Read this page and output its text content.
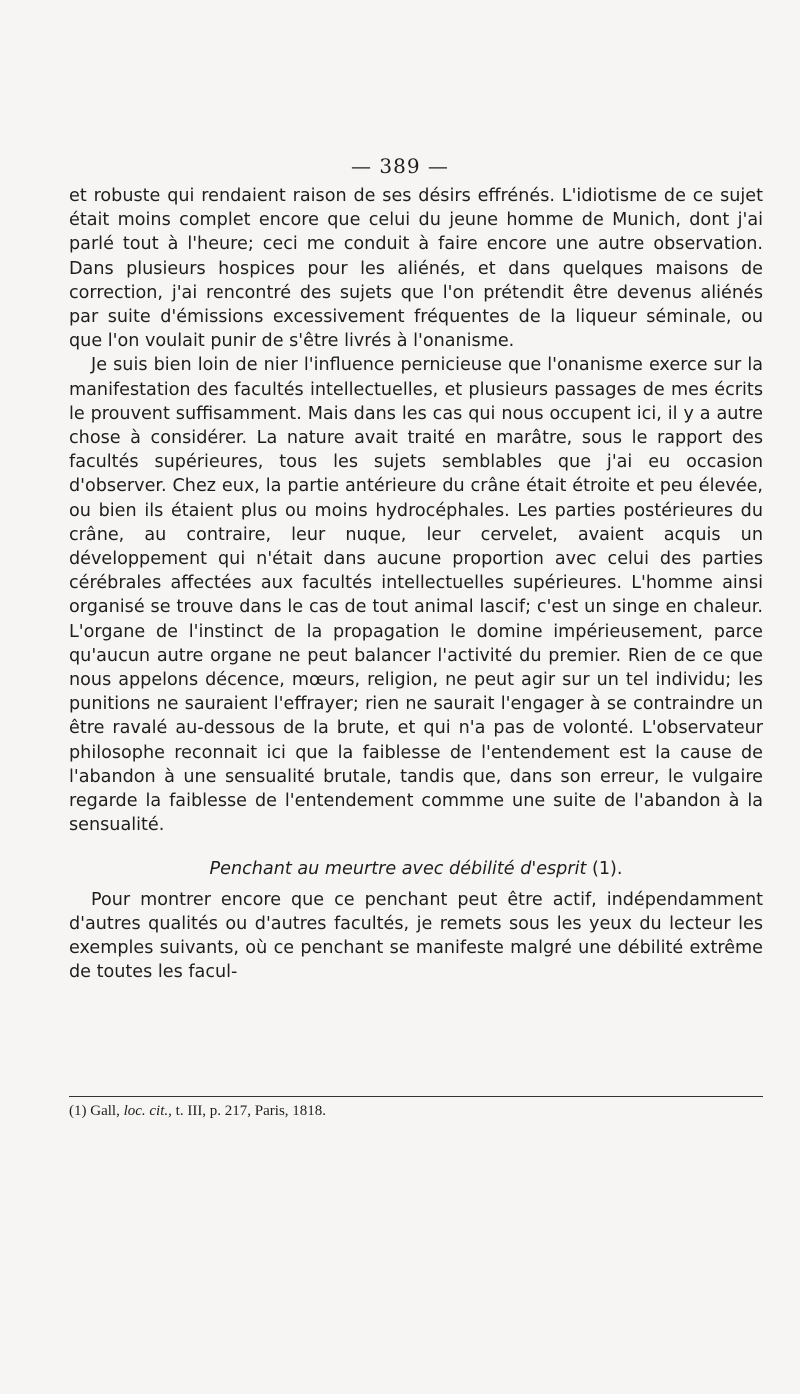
— 389 —

et robuste qui rendaient raison de ses désirs effrénés. L'idiotisme de ce sujet était moins complet encore que celui du jeune homme de Munich, dont j'ai parlé tout à l'heure; ceci me conduit à faire encore une autre observation. Dans plusieurs hospices pour les aliénés, et dans quelques maisons de correction, j'ai rencontré des sujets que l'on prétendit être devenus aliénés par suite d'émissions excessivement fréquentes de la liqueur séminale, ou que l'on voulait punir de s'être livrés à l'onanisme.

Je suis bien loin de nier l'influence pernicieuse que l'onanisme exerce sur la manifestation des facultés intellectuelles, et plusieurs passages de mes écrits le prouvent suffisamment. Mais dans les cas qui nous occupent ici, il y a autre chose à considérer. La nature avait traité en marâtre, sous le rapport des facultés supérieures, tous les sujets semblables que j'ai eu occasion d'observer. Chez eux, la partie antérieure du crâne était étroite et peu élevée, ou bien ils étaient plus ou moins hydrocéphales. Les parties postérieures du crâne, au contraire, leur nuque, leur cervelet, avaient acquis un développement qui n'était dans aucune proportion avec celui des parties cérébrales affectées aux facultés intellectuelles supérieures. L'homme ainsi organisé se trouve dans le cas de tout animal lascif; c'est un singe en chaleur. L'organe de l'instinct de la propagation le domine impérieusement, parce qu'aucun autre organe ne peut balancer l'activité du premier. Rien de ce que nous appelons décence, mœurs, religion, ne peut agir sur un tel individu; les punitions ne sauraient l'effrayer; rien ne saurait l'engager à se contraindre un être ravalé au-dessous de la brute, et qui n'a pas de volonté. L'observateur philosophe reconnait ici que la faiblesse de l'entendement est la cause de l'abandon à une sensualité brutale, tandis que, dans son erreur, le vulgaire regarde la faiblesse de l'entendement commme une suite de l'abandon à la sensualité.

Penchant au meurtre avec débilité d'esprit (1).

Pour montrer encore que ce penchant peut être actif, indépendamment d'autres qualités ou d'autres facultés, je remets sous les yeux du lecteur les exemples suivants, où ce penchant se manifeste malgré une débilité extrême de toutes les facul-

(1) Gall, loc. cit., t. III, p. 217, Paris, 1818.
